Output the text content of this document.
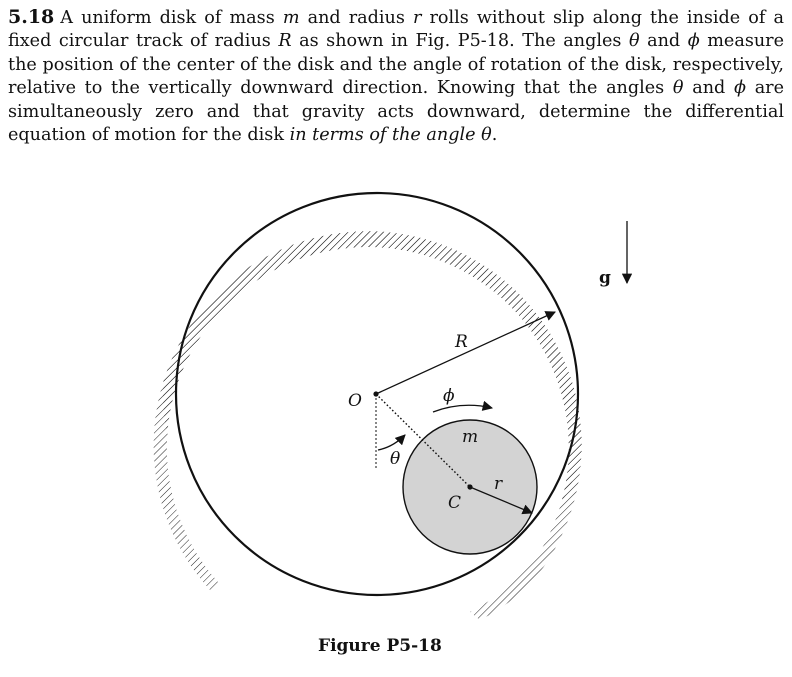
5.18 A uniform disk of mass m and radius r rolls without slip along the inside of a fixed circular track of radius R as shown in Fig. P5-18. The angles θ and ϕ measure the position of the center of the disk and the angle of rotation of the disk, respectively, relative to the vertically downward direction. Knowing that the angles θ and ϕ are simultaneously zero and that gravity acts downward, determine the differential equation of motion for the disk in terms of the angle θ.
O
R
ϕ
m
θ
C
r
g
Figure P5-18
